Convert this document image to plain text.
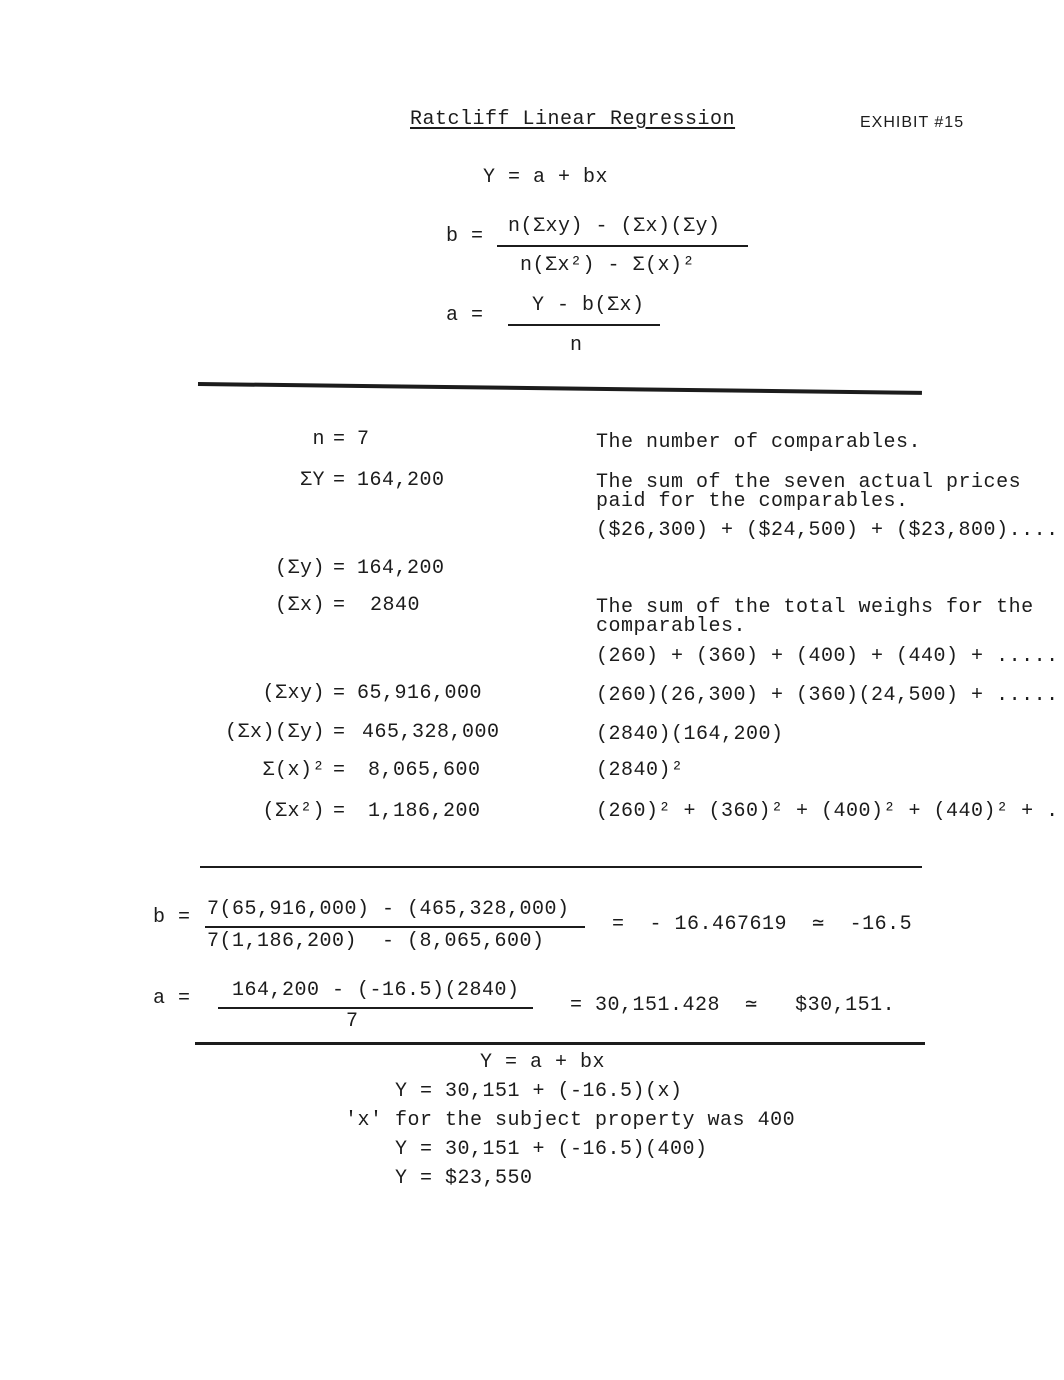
Ratcliff Linear Regression	EXHIBIT #15
Y = a + bx
b = n(Σxy) - (Σx)(Σy)
n(Σx²) - Σ(x)²
a = Y - b(Σx)
n
n = 7	The number of comparables.
ΣY = 164,200	The sum of the seven actual prices
paid for the comparables.
($26,300) + ($24,500) + ($23,800)....
(Σy) = 164,200
(Σx) = 2840	The sum of the total weighs for the
comparables.
(260) + (360) + (400) + (440) + .....
(Σxy) = 65,916,000	(260)(26,300) + (360)(24,500) + .....
(Σx)(Σy) = 465,328,000	(2840)(164,200)
Σ(x)² = 8,065,600	(2840)²
(Σx²) = 1,186,200	(260)² + (360)² + (400)² + (440)² + .
b = 7(65,916,000) - (465,328,000)
7(1,186,200)  - (8,065,600)
=  - 16.467619  ≃  -16.5
a = 164,200 - (-16.5)(2840)
7
= 30,151.428  ≃   $30,151.
Y = a + bx
Y = 30,151 + (-16.5)(x)
'x' for the subject property was 400
Y = 30,151 + (-16.5)(400)
Y = $23,550
